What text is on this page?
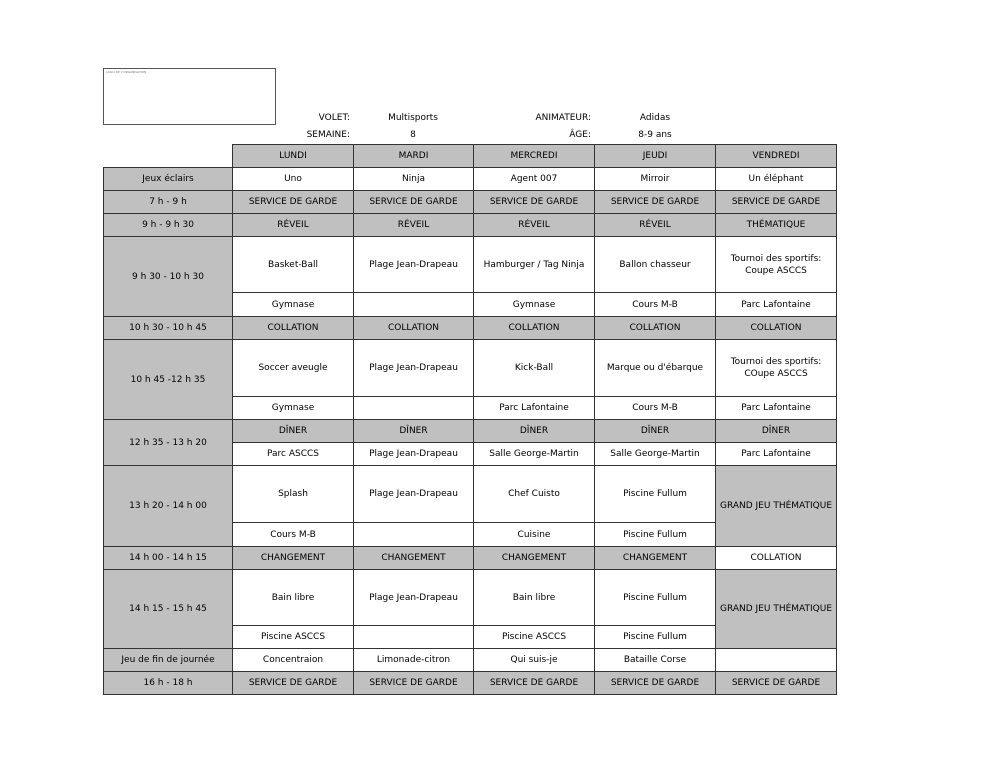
LOGO DE L'ORGANISATION
VOLET:	Multisports	ANIMATEUR:	Adidas
SEMAINE:	8	ÂGE:	8-9 ans
	LUNDI	MARDI	MERCREDI	JEUDI	VENDREDI
Jeux éclairs	Uno	Ninja	Agent 007	Mirroir	Un éléphant
7 h - 9 h	SERVICE DE GARDE	SERVICE DE GARDE	SERVICE DE GARDE	SERVICE DE GARDE	SERVICE DE GARDE
9 h - 9 h 30	RÉVEIL	RÉVEIL	RÉVEIL	RÉVEIL	THÉMATIQUE
9 h 30 - 10 h 30	Basket-Ball	Plage Jean-Drapeau	Hamburger / Tag Ninja	Ballon chasseur	Tournoi des sportifs: Coupe ASCCS
	Gymnase		Gymnase	Cours M-B	Parc Lafontaine
10 h 30 - 10 h 45	COLLATION	COLLATION	COLLATION	COLLATION	COLLATION
10 h 45 -12 h 35	Soccer aveugle	Plage Jean-Drapeau	Kick-Ball	Marque ou d'ébarque	Tournoi des sportifs: COupe ASCCS
	Gymnase		Parc Lafontaine	Cours M-B	Parc Lafontaine
12 h 35 - 13 h 20	DÎNER	DÎNER	DÎNER	DÎNER	DÎNER
	Parc ASCCS	Plage Jean-Drapeau	Salle George-Martin	Salle George-Martin	Parc Lafontaine
13 h 20 - 14 h 00	Splash	Plage Jean-Drapeau	Chef Cuisto	Piscine Fullum	GRAND JEU THÉMATIQUE
	Cours M-B		Cuisine	Piscine Fullum	
14 h 00 - 14 h 15	CHANGEMENT	CHANGEMENT	CHANGEMENT	CHANGEMENT	COLLATION
14 h 15 - 15 h 45	Bain libre	Plage Jean-Drapeau	Bain libre	Piscine Fullum	GRAND JEU THÉMATIQUE
	Piscine ASCCS		Piscine ASCCS	Piscine Fullum	
Jeu de fin de journée	Concentraion	Limonade-citron	Qui suis-je	Bataille Corse	
16 h - 18 h	SERVICE DE GARDE	SERVICE DE GARDE	SERVICE DE GARDE	SERVICE DE GARDE	SERVICE DE GARDE
